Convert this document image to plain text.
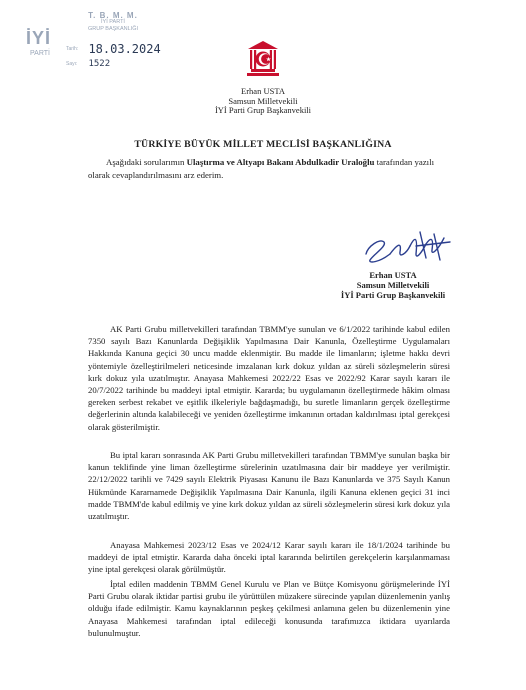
İYİ
PARTİ
T. B. M. M.
İYİ PARTİ
GRUP BAŞKANLIĞI
Tarih: 18.03.2024
Sayı: 1522
Erhan USTA
Samsun Milletvekili
İYİ Parti Grup Başkanvekili
TÜRKİYE BÜYÜK MİLLET MECLİSİ BAŞKANLIĞINA
Aşağıdaki sorularımın Ulaştırma ve Altyapı Bakanı Abdulkadir Uraloğlu tarafından yazılı olarak cevaplandırılmasını arz ederim.
Erhan USTA
Samsun Milletvekili
İYİ Parti Grup Başkanvekili

AK Parti Grubu milletvekilleri tarafından TBMM'ye sunulan ve 6/1/2022 tarihinde kabul edilen 7350 sayılı Bazı Kanunlarda Değişiklik Yapılmasına Dair Kanunla, Özelleştirme Uygulamaları Hakkında Kanuna geçici 30 uncu madde eklenmiştir. Bu madde ile limanların; işletme hakkı devri yöntemiyle özelleştirilmeleri neticesinde imzalanan kırk dokuz yıldan az süreli sözleşmelerin süresi kırk dokuz yıla uzatılmıştır. Anayasa Mahkemesi 2022/22 Esas ve 2022/92 Karar sayılı kararı ile 20/7/2022 tarihinde bu maddeyi iptal etmiştir. Kararda; bu uygulamanın özelleştirmede hâkim olması gereken serbest rekabet ve eşitlik ilkeleriyle bağdaşmadığı, bu suretle limanların gerçek özelleştirme değerlerinin altında kalabileceği ve yeniden özelleştirme imkanının ortadan kaldırılması iptal gerekçesi olarak gösterilmiştir.

Bu iptal kararı sonrasında AK Parti Grubu milletvekilleri tarafından TBMM'ye sunulan başka bir kanun teklifinde yine liman özelleştirme sürelerinin uzatılmasına dair bir maddeye yer verilmiştir. 22/12/2022 tarihli ve 7429 sayılı Elektrik Piyasası Kanunu ile Bazı Kanunlarda ve 375 Sayılı Kanun Hükmünde Kararnamede Değişiklik Yapılmasına Dair Kanunla, ilgili Kanuna eklenen geçici 31 inci madde TBMM'de kabul edilmiş ve yine kırk dokuz yıldan az süreli sözleşmelerin süresi kırk dokuz yıla uzatılmıştır.

Anayasa Mahkemesi 2023/12 Esas ve 2024/12 Karar sayılı kararı ile 18/1/2024 tarihinde bu maddeyi de iptal etmiştir. Kararda daha önceki iptal kararında belirtilen gerekçelerin karşılanmaması yine iptal gerekçesi olarak görülmüştür.

İptal edilen maddenin TBMM Genel Kurulu ve Plan ve Bütçe Komisyonu görüşmelerinde İYİ Parti Grubu olarak iktidar partisi grubu ile yürüttülen müzakere sürecinde yapılan düzenlemenin yanlış olduğu ifade edilmiştir. Kamu kaynaklarının peşkeş çekilmesi anlamına gelen bu düzenlemenin yine Anayasa Mahkemesi tarafından iptal edileceği konusunda tarafımızca iktidara uyarılarda bulunulmuştur.
